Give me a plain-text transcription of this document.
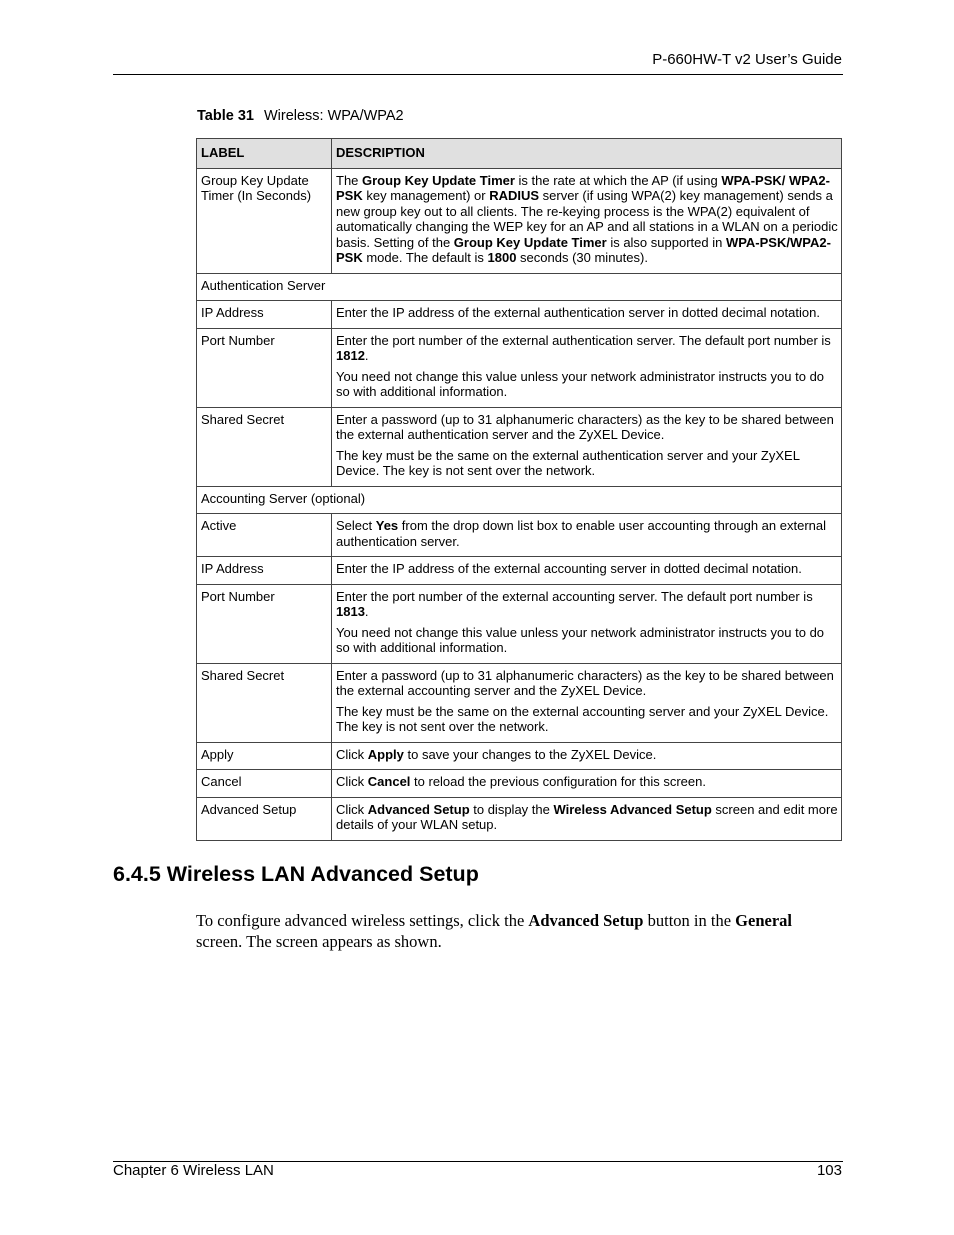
P-660HW-T v2 User’s Guide
Table 31 Wireless: WPA/WPA2
LABEL	DESCRIPTION
Group Key Update Timer (In Seconds)	The Group Key Update Timer is the rate at which the AP (if using WPA-PSK/ WPA2-PSK key management) or RADIUS server (if using WPA(2) key management) sends a new group key out to all clients. The re-keying process is the WPA(2) equivalent of automatically changing the WEP key for an AP and all stations in a WLAN on a periodic basis. Setting of the Group Key Update Timer is also supported in WPA-PSK/WPA2-PSK mode. The default is 1800 seconds (30 minutes).

Authentication Server	
IP Address	Enter the IP address of the external authentication server in dotted decimal notation.

Port Number	Enter the port number of the external authentication server. The default port number is 1812.

You need not change this value unless your network administrator instructs you to do so with additional information.

Shared Secret	Enter a password (up to 31 alphanumeric characters) as the key to be shared between the external authentication server and the ZyXEL Device.

The key must be the same on the external authentication server and your ZyXEL Device. The key is not sent over the network.

Accounting Server (optional)	
Active	Select Yes from the drop down list box to enable user accounting through an external authentication server.

IP Address	Enter the IP address of the external accounting server in dotted decimal notation.

Port Number	Enter the port number of the external accounting server. The default port number is 1813.

You need not change this value unless your network administrator instructs you to do so with additional information.

Shared Secret	Enter a password (up to 31 alphanumeric characters) as the key to be shared between the external accounting server and the ZyXEL Device.

The key must be the same on the external accounting server and your ZyXEL Device. The key is not sent over the network.

Apply	Click Apply to save your changes to the ZyXEL Device.

Cancel	Click Cancel to reload the previous configuration for this screen.

Advanced Setup	Click Advanced Setup to display the Wireless Advanced Setup screen and edit more details of your WLAN setup.

6.4.5 Wireless LAN Advanced Setup
To configure advanced wireless settings, click the Advanced Setup button in the General screen. The screen appears as shown.
Chapter 6 Wireless LAN	103
